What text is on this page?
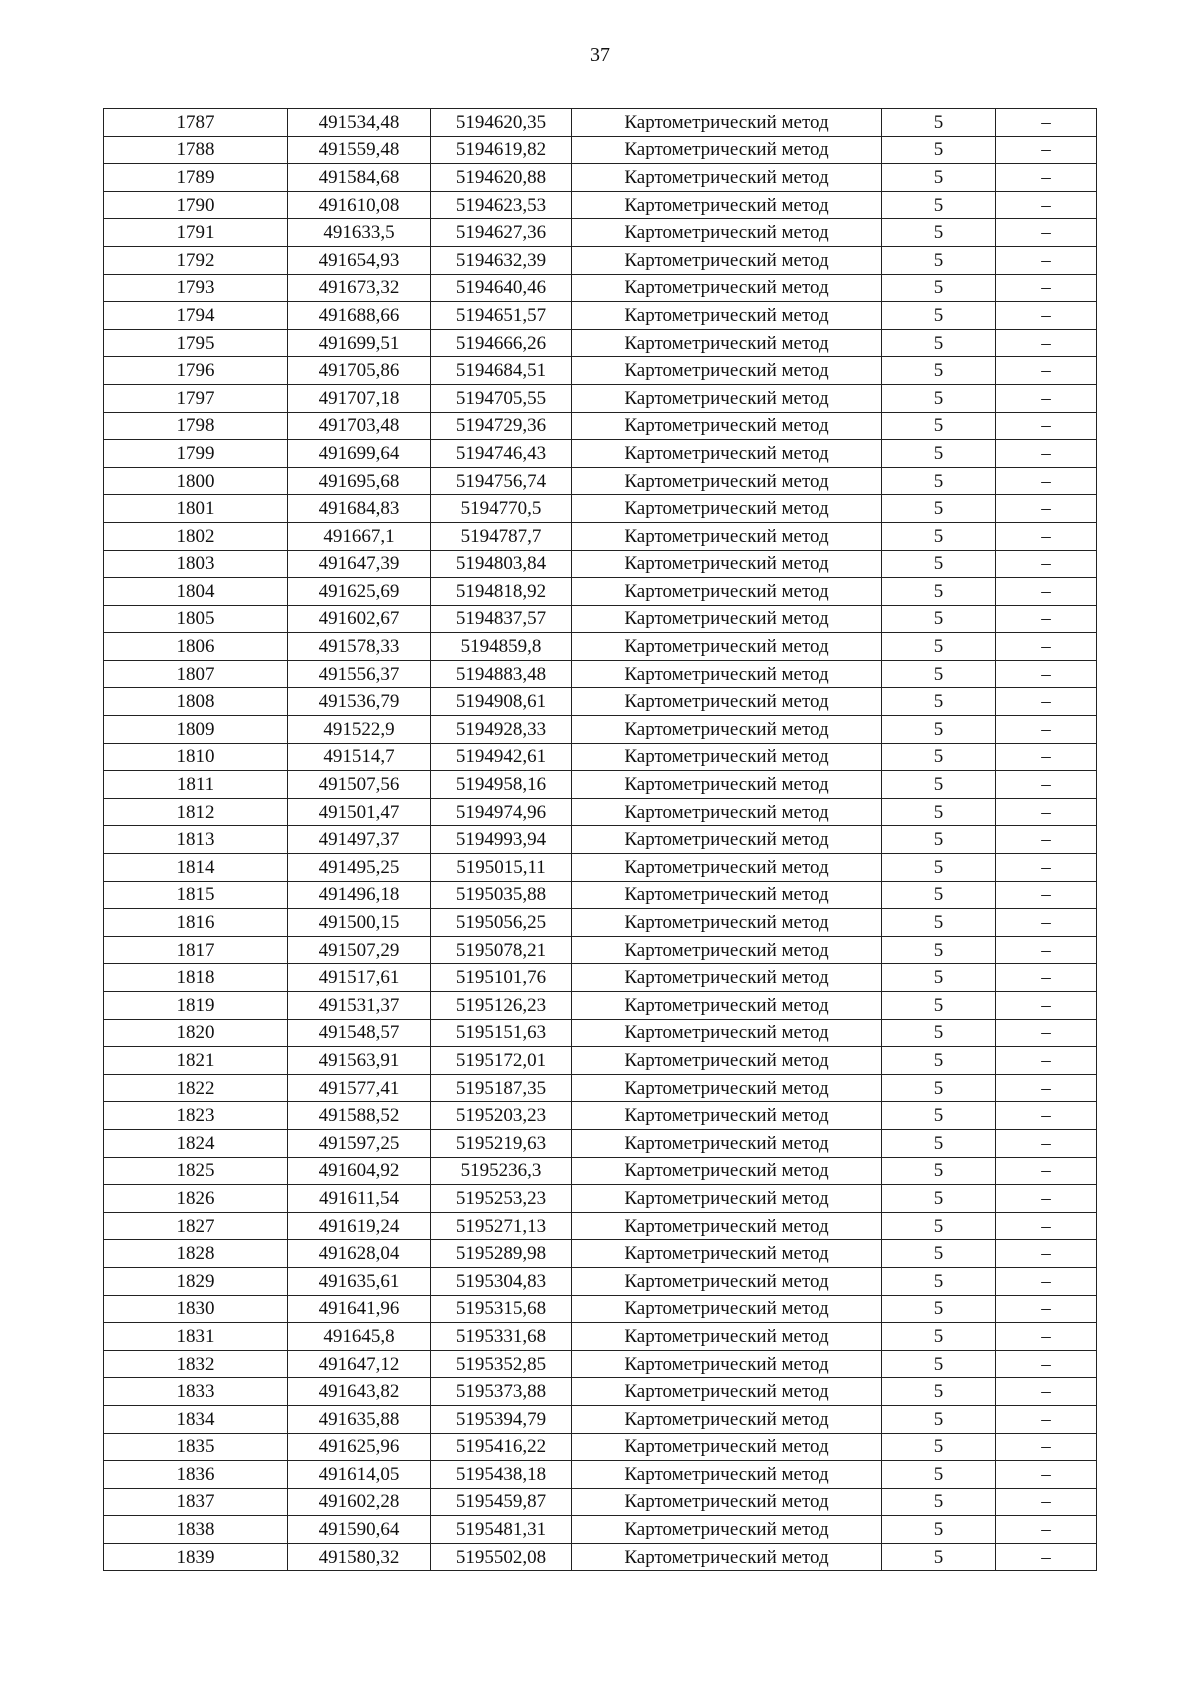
37
1787	491534,48	5194620,35	Картометрический метод	5	–
1788	491559,48	5194619,82	Картометрический метод	5	–
1789	491584,68	5194620,88	Картометрический метод	5	–
1790	491610,08	5194623,53	Картометрический метод	5	–
1791	491633,5	5194627,36	Картометрический метод	5	–
1792	491654,93	5194632,39	Картометрический метод	5	–
1793	491673,32	5194640,46	Картометрический метод	5	–
1794	491688,66	5194651,57	Картометрический метод	5	–
1795	491699,51	5194666,26	Картометрический метод	5	–
1796	491705,86	5194684,51	Картометрический метод	5	–
1797	491707,18	5194705,55	Картометрический метод	5	–
1798	491703,48	5194729,36	Картометрический метод	5	–
1799	491699,64	5194746,43	Картометрический метод	5	–
1800	491695,68	5194756,74	Картометрический метод	5	–
1801	491684,83	5194770,5	Картометрический метод	5	–
1802	491667,1	5194787,7	Картометрический метод	5	–
1803	491647,39	5194803,84	Картометрический метод	5	–
1804	491625,69	5194818,92	Картометрический метод	5	–
1805	491602,67	5194837,57	Картометрический метод	5	–
1806	491578,33	5194859,8	Картометрический метод	5	–
1807	491556,37	5194883,48	Картометрический метод	5	–
1808	491536,79	5194908,61	Картометрический метод	5	–
1809	491522,9	5194928,33	Картометрический метод	5	–
1810	491514,7	5194942,61	Картометрический метод	5	–
1811	491507,56	5194958,16	Картометрический метод	5	–
1812	491501,47	5194974,96	Картометрический метод	5	–
1813	491497,37	5194993,94	Картометрический метод	5	–
1814	491495,25	5195015,11	Картометрический метод	5	–
1815	491496,18	5195035,88	Картометрический метод	5	–
1816	491500,15	5195056,25	Картометрический метод	5	–
1817	491507,29	5195078,21	Картометрический метод	5	–
1818	491517,61	5195101,76	Картометрический метод	5	–
1819	491531,37	5195126,23	Картометрический метод	5	–
1820	491548,57	5195151,63	Картометрический метод	5	–
1821	491563,91	5195172,01	Картометрический метод	5	–
1822	491577,41	5195187,35	Картометрический метод	5	–
1823	491588,52	5195203,23	Картометрический метод	5	–
1824	491597,25	5195219,63	Картометрический метод	5	–
1825	491604,92	5195236,3	Картометрический метод	5	–
1826	491611,54	5195253,23	Картометрический метод	5	–
1827	491619,24	5195271,13	Картометрический метод	5	–
1828	491628,04	5195289,98	Картометрический метод	5	–
1829	491635,61	5195304,83	Картометрический метод	5	–
1830	491641,96	5195315,68	Картометрический метод	5	–
1831	491645,8	5195331,68	Картометрический метод	5	–
1832	491647,12	5195352,85	Картометрический метод	5	–
1833	491643,82	5195373,88	Картометрический метод	5	–
1834	491635,88	5195394,79	Картометрический метод	5	–
1835	491625,96	5195416,22	Картометрический метод	5	–
1836	491614,05	5195438,18	Картометрический метод	5	–
1837	491602,28	5195459,87	Картометрический метод	5	–
1838	491590,64	5195481,31	Картометрический метод	5	–
1839	491580,32	5195502,08	Картометрический метод	5	–
